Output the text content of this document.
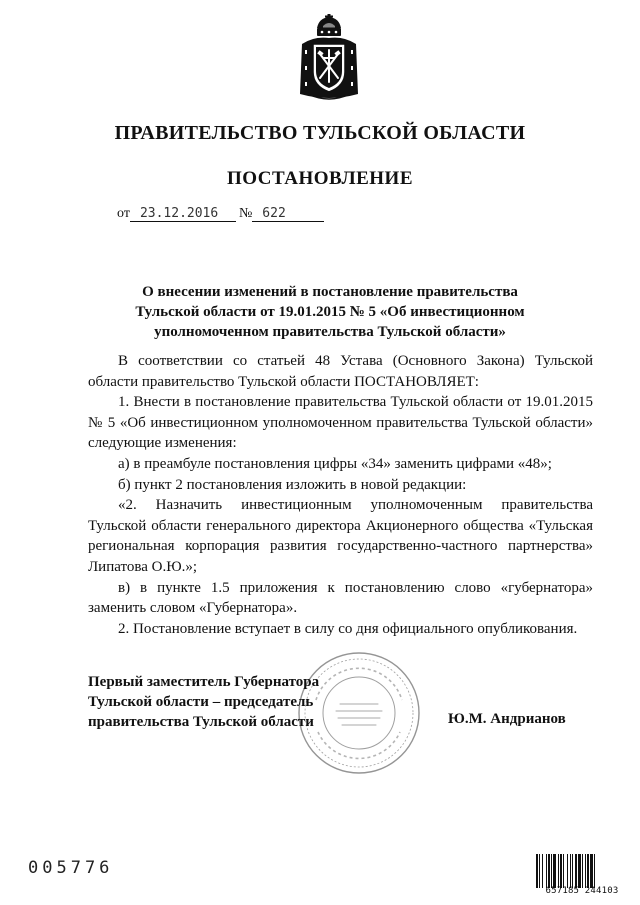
ПРАВИТЕЛЬСТВО ТУЛЬСКОЙ ОБЛАСТИ
ПОСТАНОВЛЕНИЕ
от 23.12.2016 № 622
О внесении изменений в постановление правительства
Тульской области от 19.01.2015 № 5 «Об инвестиционном
уполномоченном правительства Тульской области»

В соответствии со статьей 48 Устава (Основного Закона) Тульской области правительство Тульской области ПОСТАНОВЛЯЕТ:

1. Внести в постановление правительства Тульской области от 19.01.2015 № 5 «Об инвестиционном уполномоченном правительства Тульской области» следующие изменения:

а) в преамбуле постановления цифры «34» заменить цифрами «48»;

б) пункт 2 постановления изложить в новой редакции:

«2. Назначить инвестиционным уполномоченным правительства Тульской области генерального директора Акционерного общества «Тульская региональная корпорация развития государственно-частного партнерства» Липатова О.Ю.»;

в) в пункте 1.5 приложения к постановлению слово «губернатора» заменить словом «Губернатора».

2. Постановление вступает в силу со дня официального опубликования.

Первый заместитель Губернатора
Тульской области – председатель
правительства Тульской области	Ю.М. Андрианов
005776
657185 244103
